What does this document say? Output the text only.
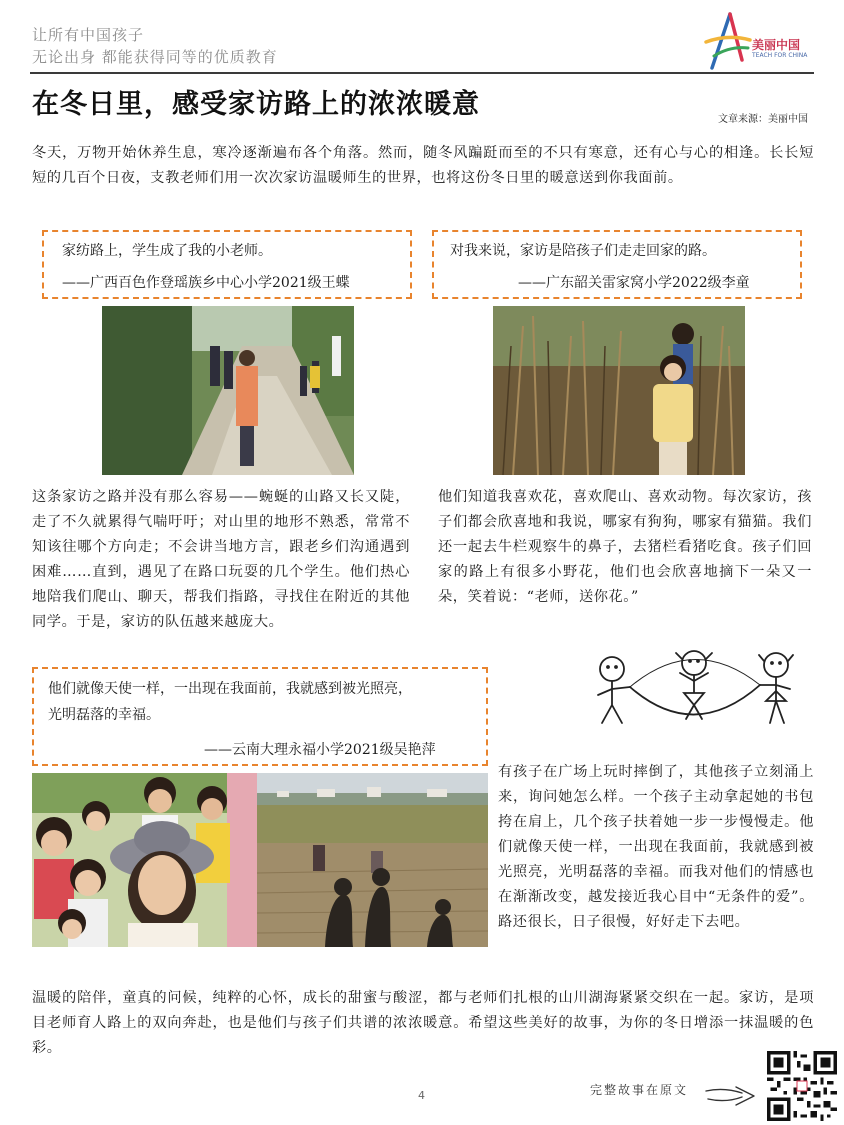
让所有中国孩子
无论出身 都能获得同等的优质教育
美丽中国
TEACH FOR CHINA
在冬日里，感受家访路上的浓浓暖意	文章来源：美丽中国
冬天，万物开始休养生息，寒冷逐渐遍布各个角落。然而，随冬风蹁跹而至的不只有寒意，还有心与心的相逢。长长短短的几百个日夜，支教老师们用一次次家访温暖师生的世界，也将这份冬日里的暖意送到你我面前。
家纺路上，学生成了我的小老师。
——广西百色作登瑶族乡中心小学2021级王蝶
对我来说，家访是陪孩子们走走回家的路。
——广东韶关雷家窝小学2022级李童
这条家访之路并没有那么容易——蜿蜒的山路又长又陡，走了不久就累得气喘吁吁；对山里的地形不熟悉，常常不知该往哪个方向走；不会讲当地方言，跟老乡们沟通遇到困难……直到，遇见了在路口玩耍的几个学生。他们热心地陪我们爬山、聊天，帮我们指路，寻找住在附近的其他同学。于是，家访的队伍越来越庞大。
他们知道我喜欢花，喜欢爬山、喜欢动物。每次家访，孩子们都会欣喜地和我说，哪家有狗狗，哪家有猫猫。我们还一起去牛栏观察牛的鼻子，去猪栏看猪吃食。孩子们回家的路上有很多小野花，他们也会欣喜地摘下一朵又一朵，笑着说：“老师，送你花。”
他们就像天使一样，一出现在我面前，我就感到被光照亮，
光明磊落的幸福。
——云南大理永福小学2021级吴艳萍
有孩子在广场上玩时摔倒了，其他孩子立刻涌上来，询问她怎么样。一个孩子主动拿起她的书包挎在肩上，几个孩子扶着她一步一步慢慢走。他们就像天使一样，一出现在我面前，我就感到被光照亮，光明磊落的幸福。而我对他们的情感也在渐渐改变，越发接近我心目中“无条件的爱”。路还很长，日子很慢，好好走下去吧。
温暖的陪伴，童真的问候，纯粹的心怀，成长的甜蜜与酸涩，都与老师们扎根的山川湖海紧紧交织在一起。家访，是项目老师育人路上的双向奔赴，也是他们与孩子们共谱的浓浓暖意。希望这些美好的故事，为你的冬日增添一抹温暖的色彩。
4	完整故事在原文
